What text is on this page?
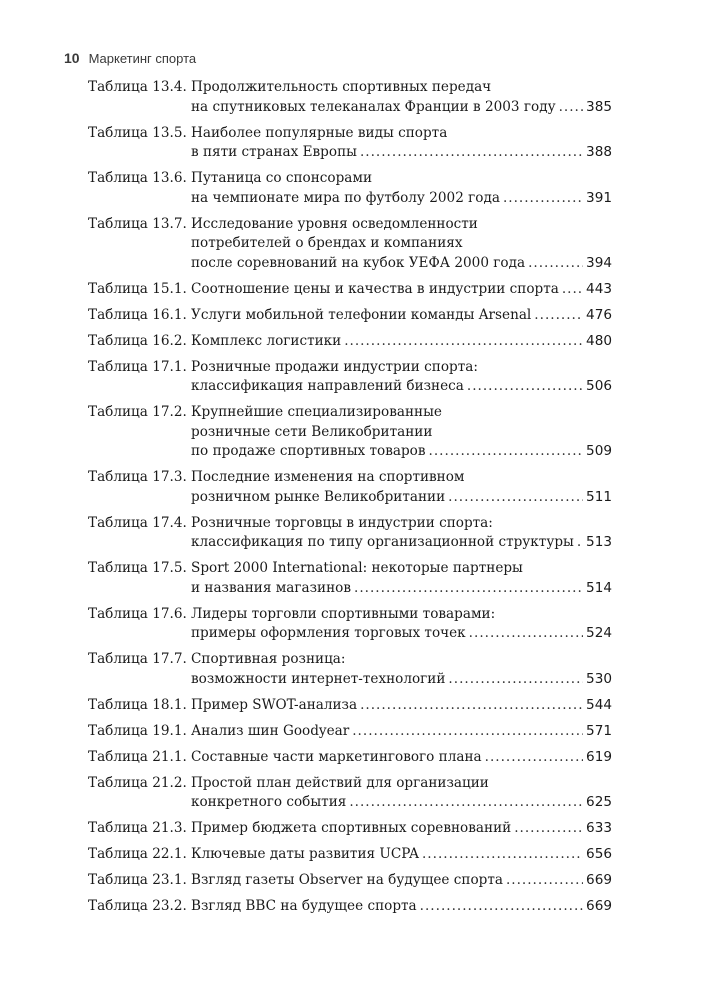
10 Маркетинг спорта
Таблица 13.4. Продолжительность спортивных передач
на спутниковых телеканалах Франции в 2003 году ..... 385
Таблица 13.5. Наиболее популярные виды спорта
в пяти странах Европы .....	388
Таблица 13.6. Путаница со спонсорами
на чемпионате мира по футболу 2002 года .....	391
Таблица 13.7. Исследование уровня осведомленности
потребителей о брендах и компаниях
после соревнований на кубок УЕФА 2000 года .....	394
Таблица 15.1. Соотношение цены и качества в индустрии спорта ..... 443
Таблица 16.1. Услуги мобильной телефонии команды Arsenal .....	476
Таблица 16.2. Комплекс логистики .....	480
Таблица 17.1. Розничные продажи индустрии спорта:
классификация направлений бизнеса .....	506
Таблица 17.2. Крупнейшие специализированные
розничные сети Великобритании
по продаже спортивных товаров .....	509
Таблица 17.3. Последние изменения на спортивном
розничном рынке Великобритании .....	511
Таблица 17.4. Розничные торговцы в индустрии спорта:
классификация по типу организационной структуры ..... 513
Таблица 17.5. Sport 2000 International: некоторые партнеры
и названия магазинов .....	514
Таблица 17.6. Лидеры торговли спортивными товарами:
примеры оформления торговых точек .....	524
Таблица 17.7. Спортивная розница:
возможности интернет-технологий .....	530
Таблица 18.1. Пример SWOT-анализа .....	544
Таблица 19.1. Анализ шин Goodyear .....	571
Таблица 21.1. Составные части маркетингового плана .....	619
Таблица 21.2. Простой план действий для организации
конкретного события .....	625
Таблица 21.3. Пример бюджета спортивных соревнований .....	633
Таблица 22.1. Ключевые даты развития UCPA .....	656
Таблица 23.1. Взгляд газеты Observer на будущее спорта .....	669
Таблица 23.2. Взгляд BBC на будущее спорта .....	669
